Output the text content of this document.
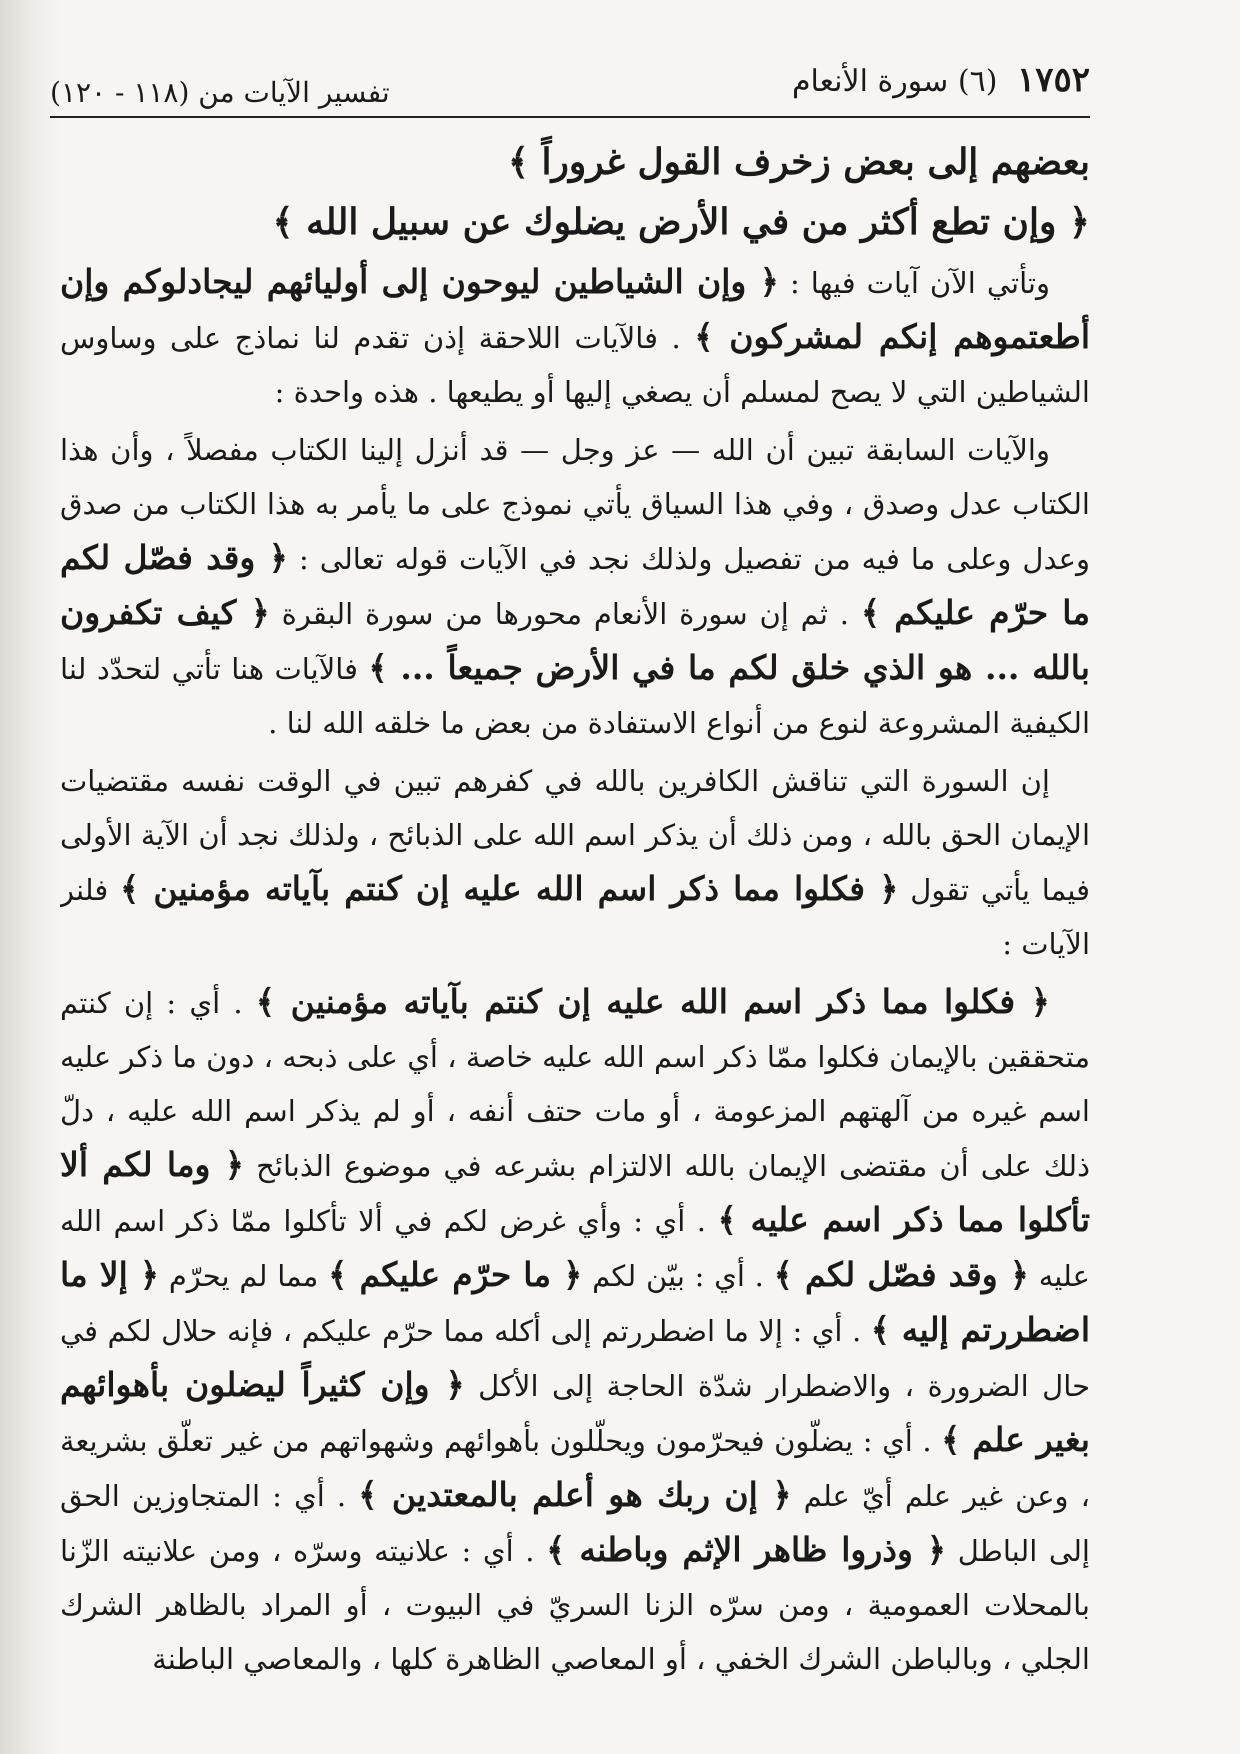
١٧٥٢ (٦) سورة الأنعام
تفسير الآيات من (١١٨ - ١٢٠)

بعضهم إلى بعض زخرف القول غروراً ﴾

﴿ وإن تطع أكثر من في الأرض يضلوك عن سبيل الله ﴾

وتأتي الآن آيات فيها : ﴿ وإن الشياطين ليوحون إلى أوليائهم ليجادلوكم وإن أطعتموهم إنكم لمشركون ﴾ . فالآيات اللاحقة إذن تقدم لنا نماذج على وساوس الشياطين التي لا يصح لمسلم أن يصغي إليها أو يطيعها . هذه واحدة :

والآيات السابقة تبين أن الله — عز وجل — قد أنزل إلينا الكتاب مفصلاً ، وأن هذا الكتاب عدل وصدق ، وفي هذا السياق يأتي نموذج على ما يأمر به هذا الكتاب من صدق وعدل وعلى ما فيه من تفصيل ولذلك نجد في الآيات قوله تعالى : ﴿ وقد فصّل لكم ما حرّم عليكم ﴾ . ثم إن سورة الأنعام محورها من سورة البقرة ﴿ كيف تكفرون بالله ... هو الذي خلق لكم ما في الأرض جميعاً ... ﴾ فالآيات هنا تأتي لتحدّد لنا الكيفية المشروعة لنوع من أنواع الاستفادة من بعض ما خلقه الله لنا .

إن السورة التي تناقش الكافرين بالله في كفرهم تبين في الوقت نفسه مقتضيات الإيمان الحق بالله ، ومن ذلك أن يذكر اسم الله على الذبائح ، ولذلك نجد أن الآية الأولى فيما يأتي تقول ﴿ فكلوا مما ذكر اسم الله عليه إن كنتم بآياته مؤمنين ﴾ فلنر الآيات :

﴿ فكلوا مما ذكر اسم الله عليه إن كنتم بآياته مؤمنين ﴾ . أي : إن كنتم متحققين بالإيمان فكلوا ممّا ذكر اسم الله عليه خاصة ، أي على ذبحه ، دون ما ذكر عليه اسم غيره من آلهتهم المزعومة ، أو مات حتف أنفه ، أو لم يذكر اسم الله عليه ، دلّ ذلك على أن مقتضى الإيمان بالله الالتزام بشرعه في موضوع الذبائح ﴿ وما لكم ألا تأكلوا مما ذكر اسم عليه ﴾ . أي : وأي غرض لكم في ألا تأكلوا ممّا ذكر اسم الله عليه ﴿ وقد فصّل لكم ﴾ . أي : بيّن لكم ﴿ ما حرّم عليكم ﴾ مما لم يحرّم ﴿ إلا ما اضطررتم إليه ﴾ . أي : إلا ما اضطررتم إلى أكله مما حرّم عليكم ، فإنه حلال لكم في حال الضرورة ، والاضطرار شدّة الحاجة إلى الأكل ﴿ وإن كثيراً ليضلون بأهوائهم بغير علم ﴾ . أي : يضلّون فيحرّمون ويحلّلون بأهوائهم وشهواتهم من غير تعلّق بشريعة ، وعن غير علم أيّ علم ﴿ إن ربك هو أعلم بالمعتدين ﴾ . أي : المتجاوزين الحق إلى الباطل ﴿ وذروا ظاهر الإثم وباطنه ﴾ . أي : علانيته وسرّه ، ومن علانيته الزّنا بالمحلات العمومية ، ومن سرّه الزنا السريّ في البيوت ، أو المراد بالظاهر الشرك الجلي ، وبالباطن الشرك الخفي ، أو المعاصي الظاهرة كلها ، والمعاصي الباطنة
